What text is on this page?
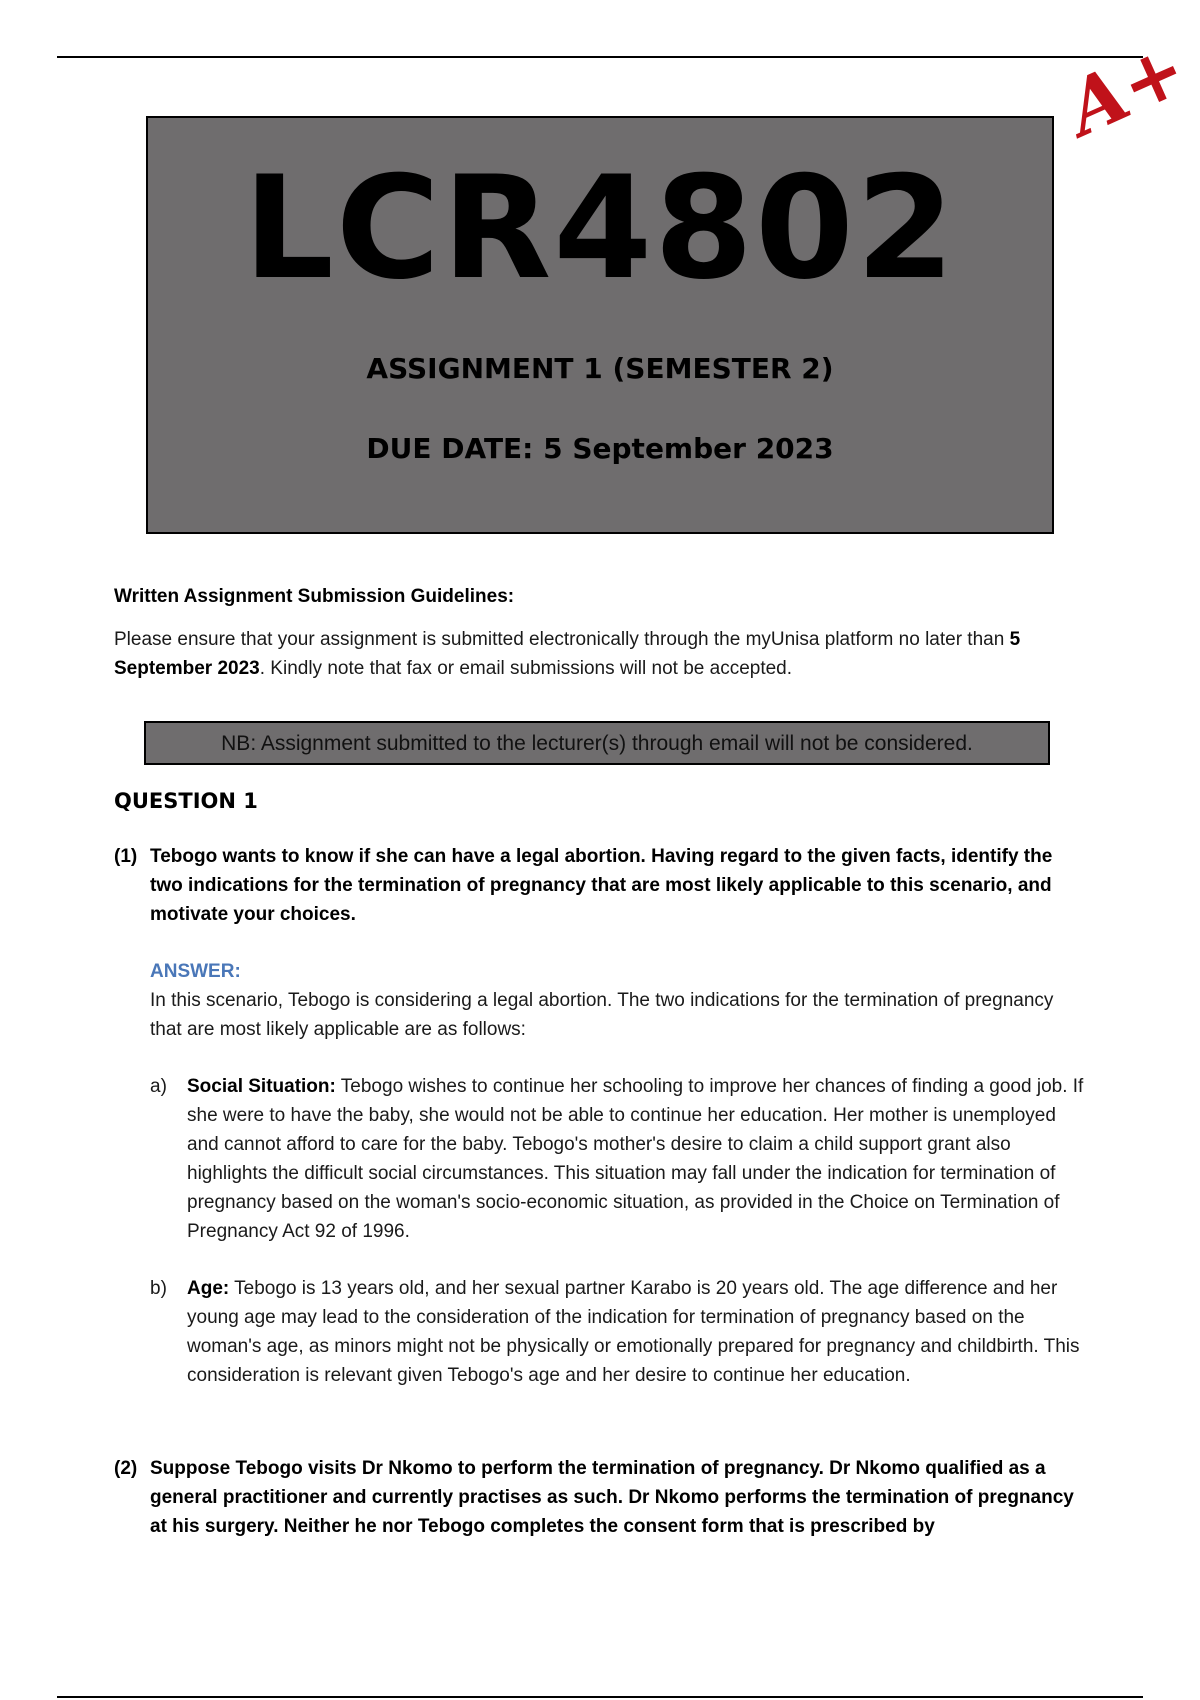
A+
LCR4802
ASSIGNMENT 1 (SEMESTER 2)
DUE DATE: 5 September 2023

Written Assignment Submission Guidelines:

Please ensure that your assignment is submitted electronically through the myUnisa platform no later than 5 September 2023. Kindly note that fax or email submissions will not be accepted.

NB: Assignment submitted to the lecturer(s) through email will not be considered.
QUESTION 1
(1) Tebogo wants to know if she can have a legal abortion. Having regard to the given facts, identify the two indications for the termination of pregnancy that are most likely applicable to this scenario, and motivate your choices.
ANSWER:

In this scenario, Tebogo is considering a legal abortion. The two indications for the termination of pregnancy that are most likely applicable are as follows:

a)	Social Situation: Tebogo wishes to continue her schooling to improve her chances of finding a good job. If she were to have the baby, she would not be able to continue her education. Her mother is unemployed and cannot afford to care for the baby. Tebogo's mother's desire to claim a child support grant also highlights the difficult social circumstances. This situation may fall under the indication for termination of pregnancy based on the woman's socio-economic situation, as provided in the Choice on Termination of Pregnancy Act 92 of 1996.
b)	Age: Tebogo is 13 years old, and her sexual partner Karabo is 20 years old. The age difference and her young age may lead to the consideration of the indication for termination of pregnancy based on the woman's age, as minors might not be physically or emotionally prepared for pregnancy and childbirth. This consideration is relevant given Tebogo's age and her desire to continue her education.
(2) Suppose Tebogo visits Dr Nkomo to perform the termination of pregnancy. Dr Nkomo qualified as a general practitioner and currently practises as such. Dr Nkomo performs the termination of pregnancy at his surgery. Neither he nor Tebogo completes the consent form that is prescribed by
